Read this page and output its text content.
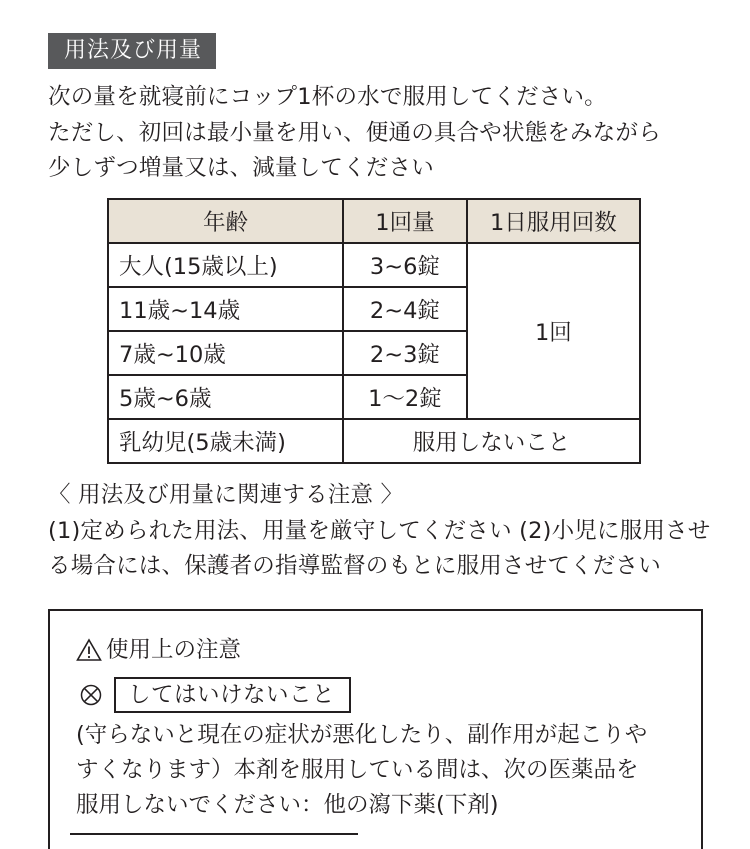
用法及び用量
次の量を就寝前にコップ1杯の水で服用してください。
ただし、初回は最小量を用い、便通の具合や状態をみながら
少しずつ増量又は、減量してください
年齢	1回量	1日服用回数
大人(15歳以上)	3~6錠	1回
11歳~14歳	2~4錠	
7歳~10歳	2~3錠	
5歳~6歳	1〜2錠	
乳幼児(5歳未満)	服用しないこと	
〈 用法及び用量に関連する注意 〉
(1)定められた用法、用量を厳守してください (2)小児に服用させ
る場合には、保護者の指導監督のもとに服用させてください
使用上の注意
してはいけないこと
(守らないと現在の症状が悪化したり、副作用が起こりや
すくなります）本剤を服用している間は、次の医薬品を
服用しないでください：他の瀉下薬(下剤)
